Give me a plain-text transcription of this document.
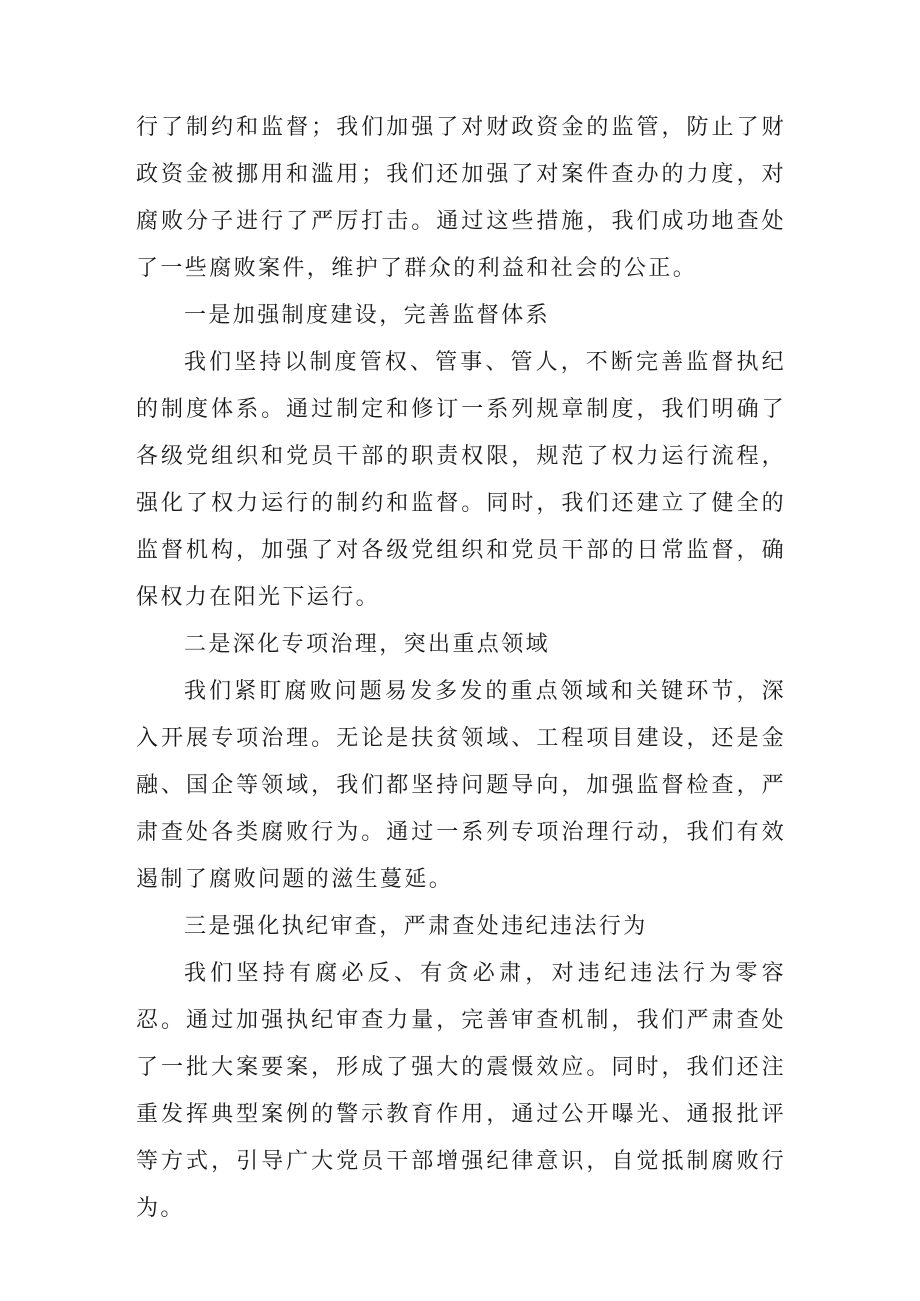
行了制约和监督；我们加强了对财政资金的监管，防止了财政资金被挪用和滥用；我们还加强了对案件查办的力度，对腐败分子进行了严厉打击。通过这些措施，我们成功地查处了一些腐败案件，维护了群众的利益和社会的公正。

一是加强制度建设，完善监督体系

我们坚持以制度管权、管事、管人，不断完善监督执纪的制度体系。通过制定和修订一系列规章制度，我们明确了各级党组织和党员干部的职责权限，规范了权力运行流程，强化了权力运行的制约和监督。同时，我们还建立了健全的监督机构，加强了对各级党组织和党员干部的日常监督，确保权力在阳光下运行。

二是深化专项治理，突出重点领域

我们紧盯腐败问题易发多发的重点领域和关键环节，深入开展专项治理。无论是扶贫领域、工程项目建设，还是金融、国企等领域，我们都坚持问题导向，加强监督检查，严肃查处各类腐败行为。通过一系列专项治理行动，我们有效遏制了腐败问题的滋生蔓延。

三是强化执纪审查，严肃查处违纪违法行为

我们坚持有腐必反、有贪必肃，对违纪违法行为零容忍。通过加强执纪审查力量，完善审查机制，我们严肃查处了一批大案要案，形成了强大的震慑效应。同时，我们还注重发挥典型案例的警示教育作用，通过公开曝光、通报批评等方式，引导广大党员干部增强纪律意识，自觉抵制腐败行为。
